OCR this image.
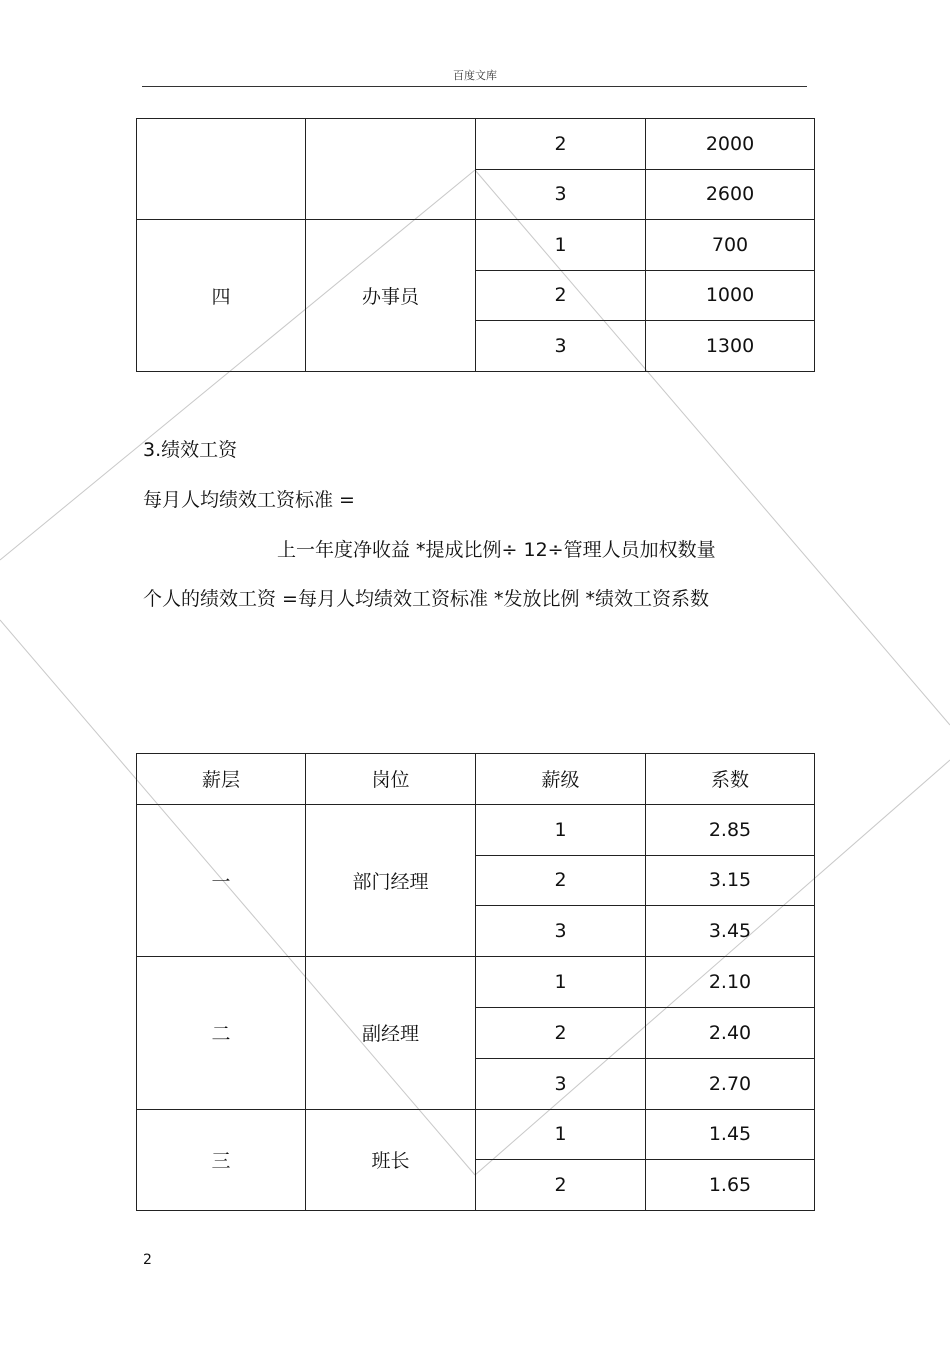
百度文库
		2	2000
		3	2600
四	办事员	1	700
		2	1000
		3	1300
3.绩效工资
每月人均绩效工资标准 =
上一年度净收益 *提成比例÷ 12÷管理人员加权数量
个人的绩效工资 =每月人均绩效工资标准 *发放比例 *绩效工资系数
薪层	岗位	薪级	系数
一	部门经理	1	2.85
		2	3.15
		3	3.45
二	副经理	1	2.10
		2	2.40
		3	2.70
三	班长	1	1.45
		2	1.65
2
